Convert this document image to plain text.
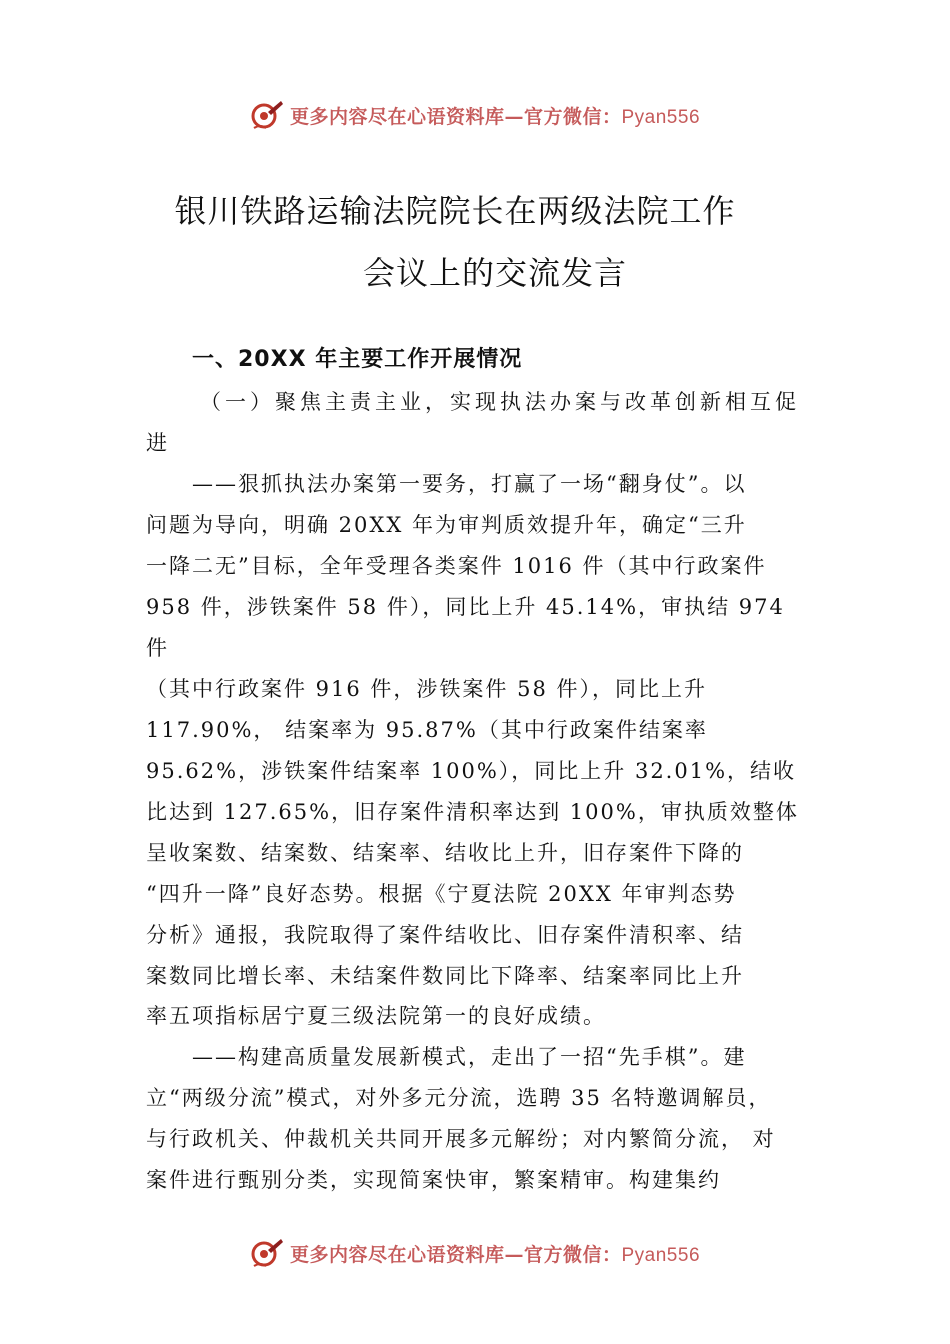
更多内容尽在心语资料库—官方微信：Pyan556
银川铁路运输法院院长在两级法院工作
会议上的交流发言
一、20XX 年主要工作开展情况
（一）聚焦主责主业，实现执法办案与改革创新相互促
进
——狠抓执法办案第一要务，打赢了一场“翻身仗”。以
问题为导向，明确 20XX 年为审判质效提升年，确定“三升
一降二无”目标，全年受理各类案件 1016 件（其中行政案件
958 件，涉铁案件 58 件），同比上升 45.14%，审执结 974
件
（其中行政案件 916 件，涉铁案件 58 件），同比上升
117.90%， 结案率为 95.87%（其中行政案件结案率
95.62%，涉铁案件结案率 100%），同比上升 32.01%，结收
比达到 127.65%，旧存案件清积率达到 100%，审执质效整体
呈收案数、结案数、结案率、结收比上升，旧存案件下降的
“四升一降”良好态势。根据《宁夏法院 20XX 年审判态势
分析》通报，我院取得了案件结收比、旧存案件清积率、结
案数同比增长率、未结案件数同比下降率、结案率同比上升
率五项指标居宁夏三级法院第一的良好成绩。
——构建高质量发展新模式，走出了一招“先手棋”。建
立“两级分流”模式，对外多元分流，选聘 35 名特邀调解员，
与行政机关、仲裁机关共同开展多元解纷；对内繁简分流， 对
案件进行甄别分类，实现简案快审，繁案精审。构建集约
更多内容尽在心语资料库—官方微信：Pyan556
